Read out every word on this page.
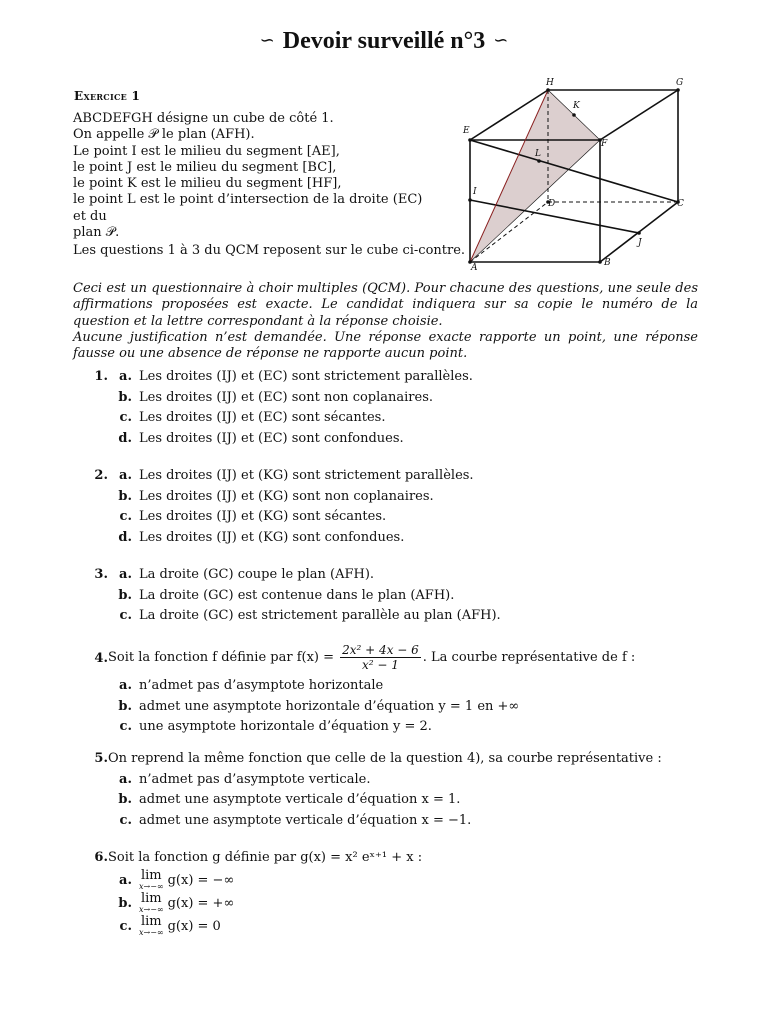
∽ Devoir surveillé n°3 ∽
Exercice 1

ABCDEFGH désigne un cube de côté 1.

On appelle 𝒫 le plan (AFH).

Le point I est le milieu du segment [AE],

le point J est le milieu du segment [BC],

le point K est le milieu du segment [HF],

le point L est le point d’intersection de la droite (EC) et du

plan 𝒫.

Les questions 1 à 3 du QCM reposent sur le cube ci-contre.
A	B
C
D
E
F
G
H
I
J
K
L

Ceci est un questionnaire à choir multiples (QCM). Pour chacune des questions, une seule des affirmations proposées est exacte. Le candidat indiquera sur sa copie le numéro de la question et la lettre correspondant à la réponse choisie.

Aucune justification n’est demandée. Une réponse exacte rapporte un point, une réponse fausse ou une absence de réponse ne rapporte aucun point.

1. a. Les droites (IJ) et (EC) sont strictement parallèles.
b. Les droites (IJ) et (EC) sont non coplanaires.
c. Les droites (IJ) et (EC) sont sécantes.
d. Les droites (IJ) et (EC) sont confondues.
2. a. Les droites (IJ) et (KG) sont strictement parallèles.
b. Les droites (IJ) et (KG) sont non coplanaires.
c. Les droites (IJ) et (KG) sont sécantes.
d. Les droites (IJ) et (KG) sont confondues.
3. a. La droite (GC) coupe le plan (AFH).
b. La droite (GC) est contenue dans le plan (AFH).
c. La droite (GC) est strictement parallèle au plan (AFH).
4. Soit la fonction f définie par $f(x) = \frac{\text{2x² + 4x − 6}}{\text{x² − 1}}$ . La courbe représentative de f :
a. n’admet pas d’asymptote horizontale
b. admet une asymptote horizontale d’équation y = 1 en +∞
c. une asymptote horizontale d’équation y = 2.
5. On reprend la même fonction que celle de la question 4), sa courbe représentative :
a. n’admet pas d’asymptote verticale.
b. admet une asymptote verticale d’équation x = 1.
c. admet une asymptote verticale d’équation x = −1.
6. Soit la fonction g définie par g(x) = x² eˣ⁺¹ + x :
a. lim
x→−∞ g(x) = −∞
b. lim
x→−∞ g(x) = +∞
c. lim
x→−∞ g(x) = 0
